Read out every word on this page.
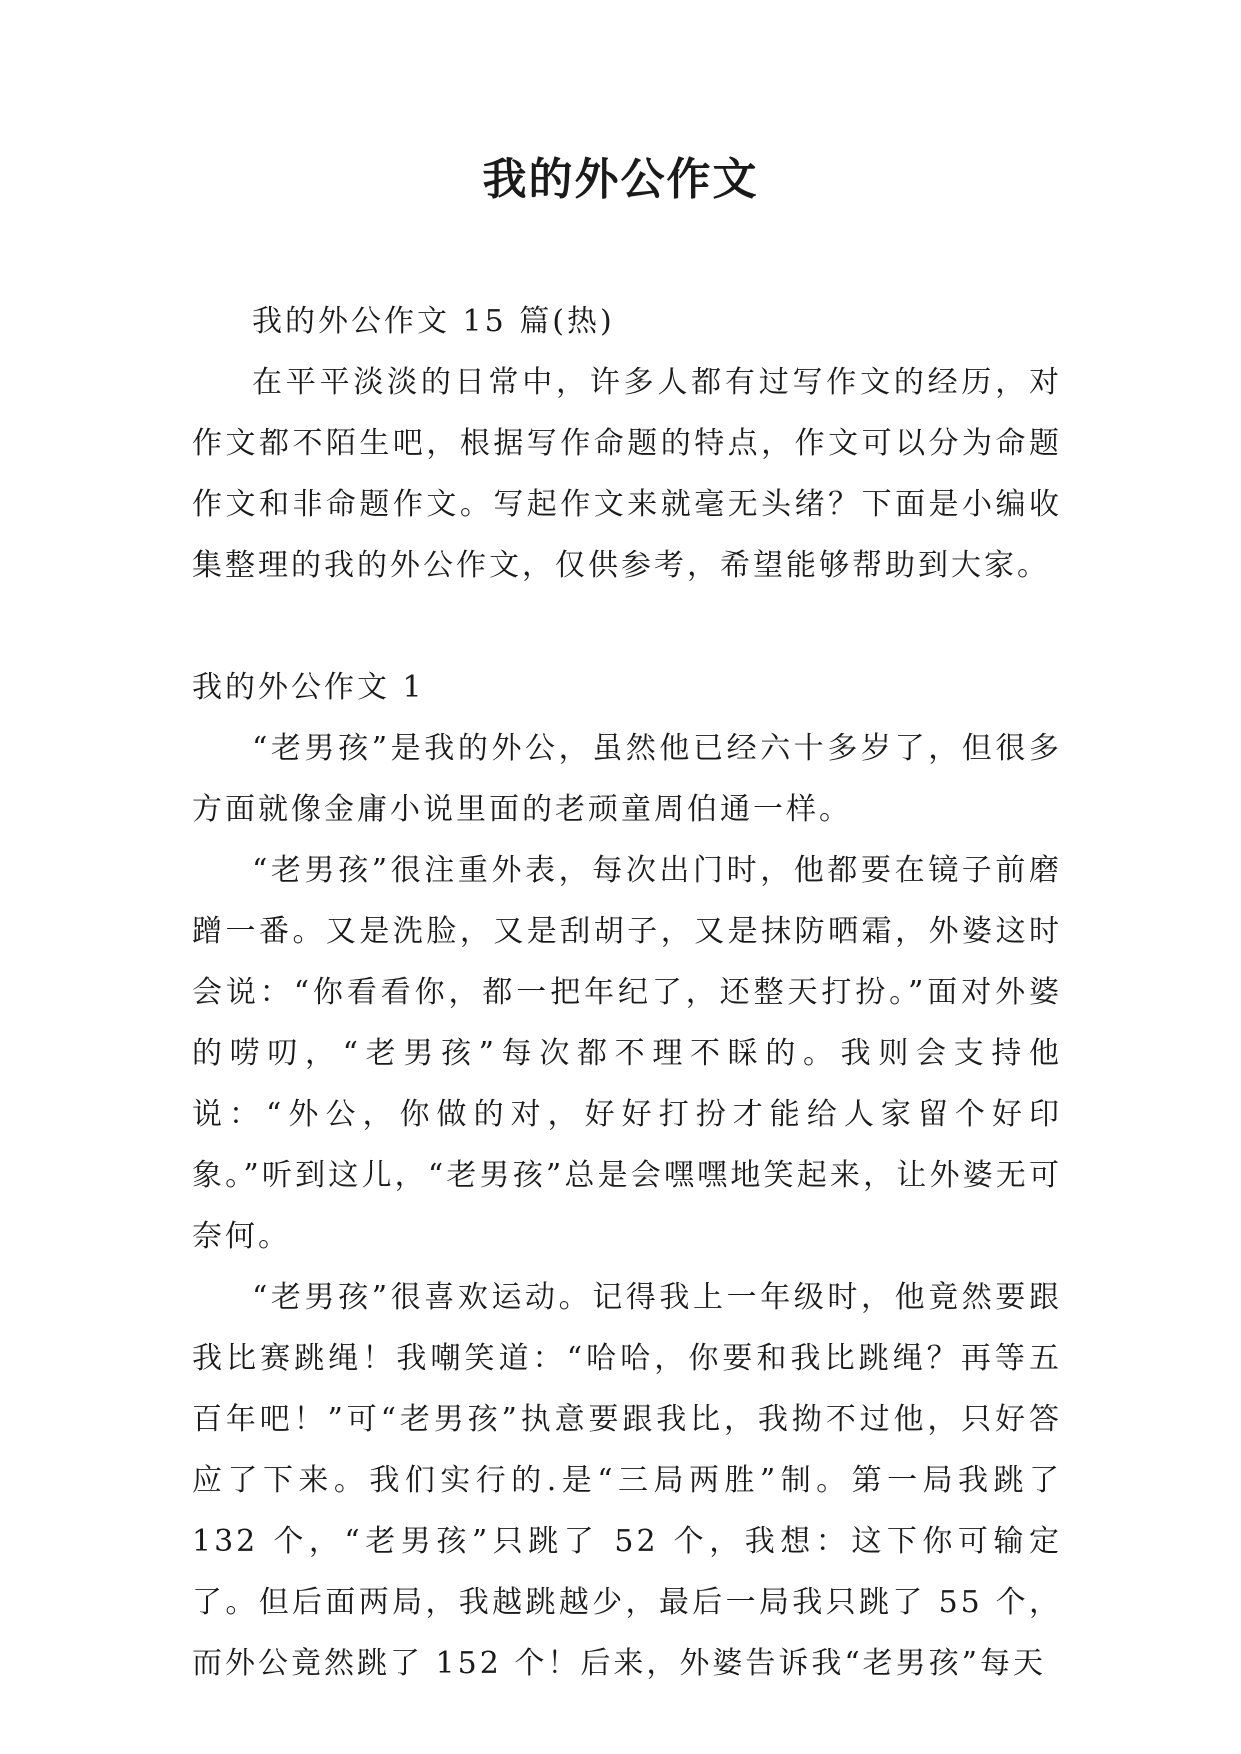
我的外公作文

我的外公作文 15 篇(热)

在平平淡淡的日常中，许多人都有过写作文的经历，对作文都不陌生吧，根据写作命题的特点，作文可以分为命题作文和非命题作文。写起作文来就毫无头绪？下面是小编收集整理的我的外公作文，仅供参考，希望能够帮助到大家。

我的外公作文 1

“老男孩”是我的外公，虽然他已经六十多岁了，但很多方面就像金庸小说里面的老顽童周伯通一样。

“老男孩”很注重外表，每次出门时，他都要在镜子前磨蹭一番。又是洗脸，又是刮胡子，又是抹防晒霜，外婆这时会说：“你看看你，都一把年纪了，还整天打扮。”面对外婆的唠叨，“老男孩”每次都不理不睬的。我则会支持他说：“外公，你做的对，好好打扮才能给人家留个好印象。”听到这儿，“老男孩”总是会嘿嘿地笑起来，让外婆无可奈何。

“老男孩”很喜欢运动。记得我上一年级时，他竟然要跟我比赛跳绳！我嘲笑道：“哈哈，你要和我比跳绳？再等五百年吧！”可“老男孩”执意要跟我比，我拗不过他，只好答应了下来。我们实行的.是“三局两胜”制。第一局我跳了 132 个，“老男孩”只跳了 52 个，我想：这下你可输定了。但后面两局，我越跳越少，最后一局我只跳了 55 个，而外公竟然跳了 152 个！后来，外婆告诉我“老男孩”每天
